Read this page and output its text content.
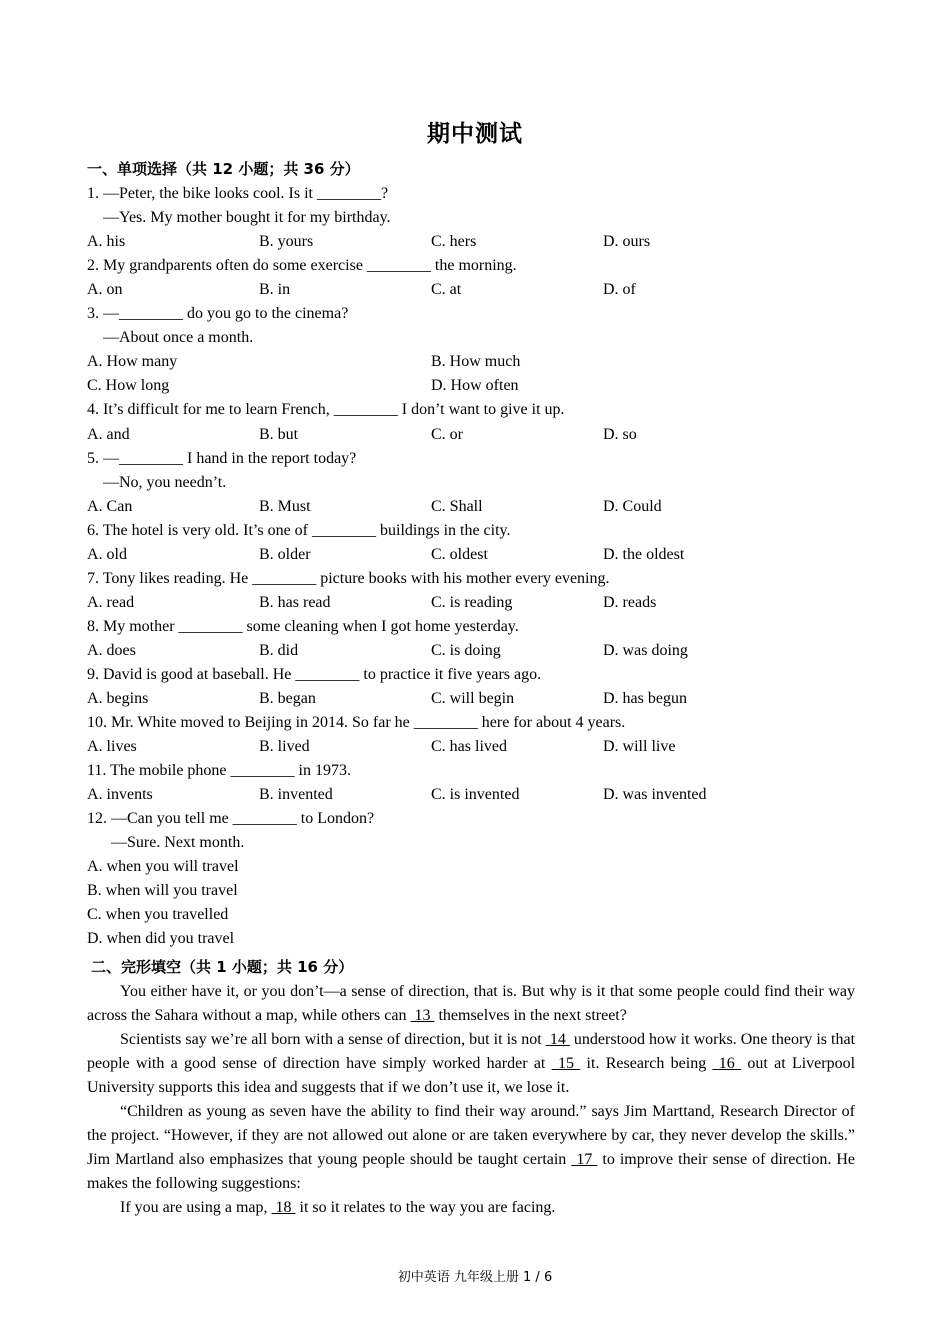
期中测试
一、单项选择（共 12 小题；共 36 分）
1. —Peter, the bike looks cool. Is it ________?
—Yes. My mother bought it for my birthday.
A. his	B. yours	C. hers	D. ours
2. My grandparents often do some exercise ________ the morning.
A. on	B. in	C. at	D. of
3. —________ do you go to the cinema?
—About once a month.
A. How many	B. How much
C. How long	D. How often
4. It’s difficult for me to learn French, ________ I don’t want to give it up.
A. and	B. but	C. or	D. so
5. —________ I hand in the report today?
—No, you needn’t.
A. Can	B. Must	C. Shall	D. Could
6. The hotel is very old. It’s one of ________ buildings in the city.
A. old	B. older	C. oldest	D. the oldest
7. Tony likes reading. He ________ picture books with his mother every evening.
A. read	B. has read	C. is reading	D. reads
8. My mother ________ some cleaning when I got home yesterday.
A. does	B. did	C. is doing	D. was doing
9. David is good at baseball. He ________ to practice it five years ago.
A. begins	B. began	C. will begin	D. has begun
10. Mr. White moved to Beijing in 2014. So far he ________ here for about 4 years.
A. lives	B. lived	C. has lived	D. will live
11. The mobile phone ________ in 1973.
A. invents	B. invented	C. is invented	D. was invented
12. —Can you tell me ________ to London?
—Sure. Next month.
A. when you will travel
B. when will you travel
C. when you travelled
D. when did you travel
二、完形填空（共 1 小题；共 16 分）

You either have it, or you don’t—a sense of direction, that is. But why is it that some people could find their way across the Sahara without a map, while others can  13  themselves in the next street?

Scientists say we’re all born with a sense of direction, but it is not  14  understood how it works. One theory is that people with a good sense of direction have simply worked harder at  15  it. Research being  16  out at Liverpool University supports this idea and suggests that if we don’t use it, we lose it.

“Children as young as seven have the ability to find their way around.” says Jim Marttand, Research Director of the project. “However, if they are not allowed out alone or are taken everywhere by car, they never develop the skills.” Jim Martland also emphasizes that young people should be taught certain  17  to improve their sense of direction. He makes the following suggestions:

If you are using a map,  18  it so it relates to the way you are facing.

初中英语 九年级上册 1 / 6
